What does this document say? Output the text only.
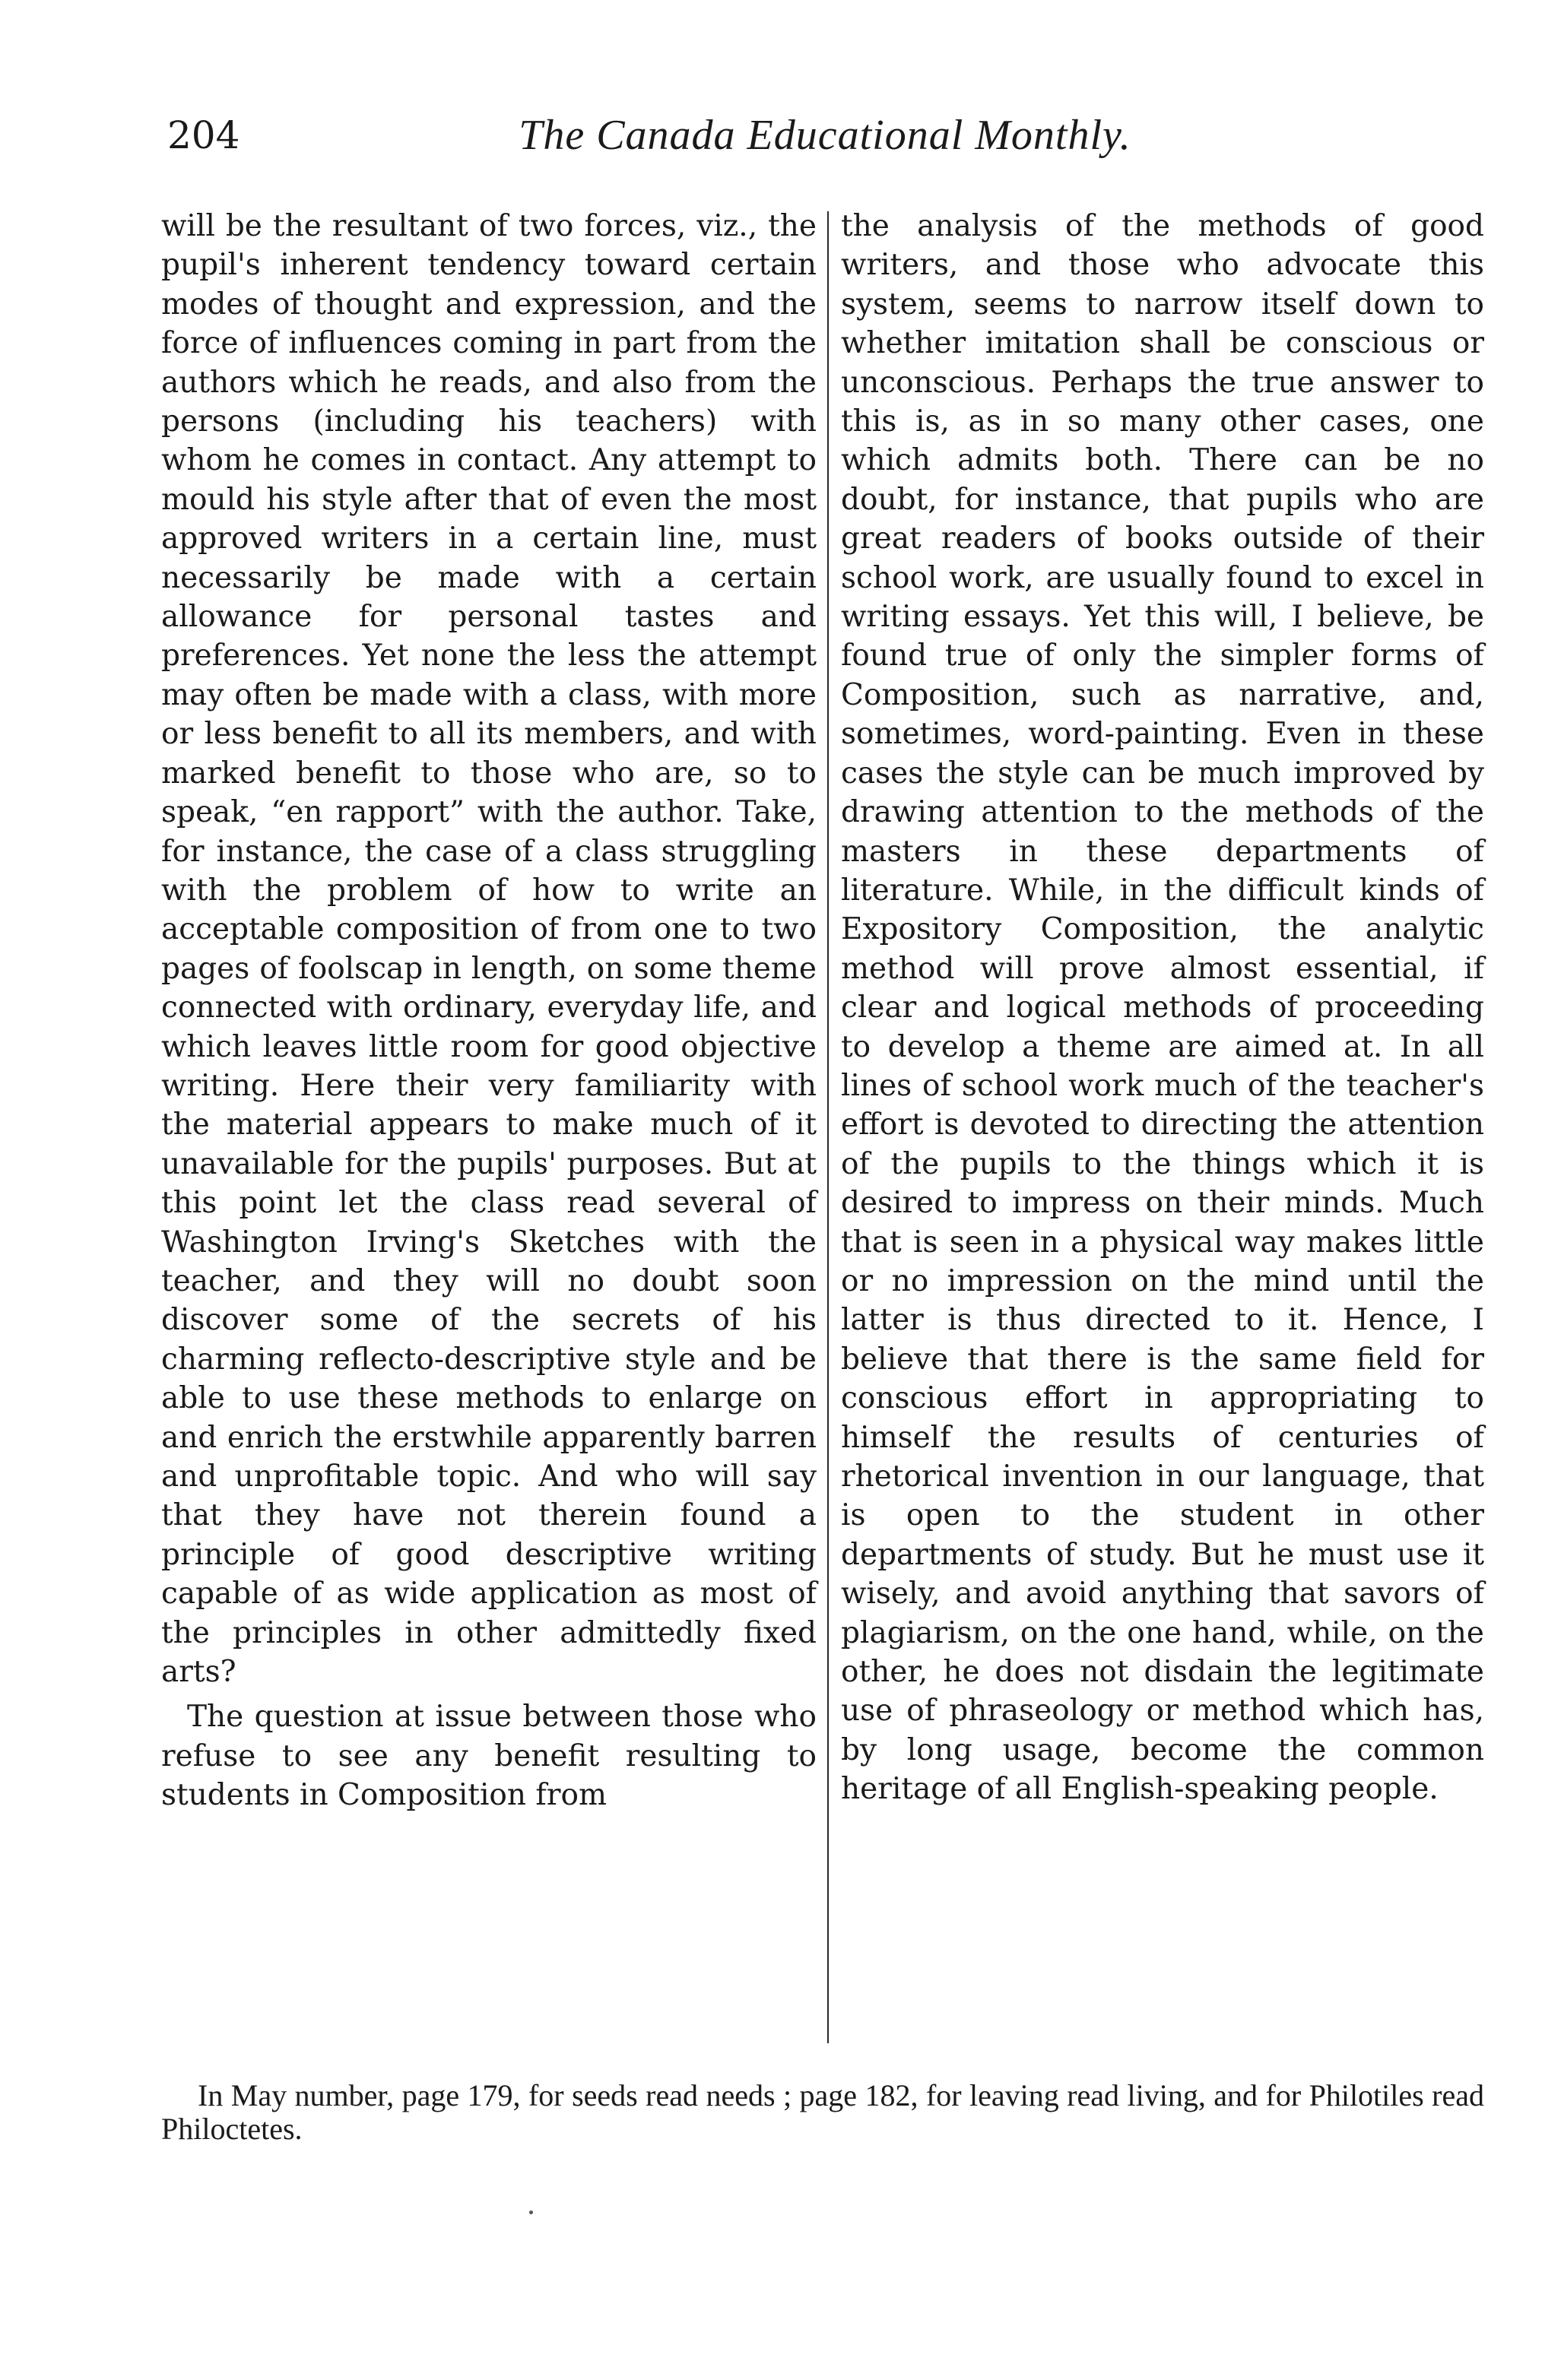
204	The Canada Educational Monthly.

will be the resultant of two forces, viz., the pupil's inherent tendency toward certain modes of thought and expression, and the force of influences coming in part from the authors which he reads, and also from the persons (including his teachers) with whom he comes in contact. Any attempt to mould his style after that of even the most approved writers in a certain line, must necessarily be made with a certain allowance for personal tastes and preferences. Yet none the less the attempt may often be made with a class, with more or less benefit to all its members, and with marked benefit to those who are, so to speak, “en rapport” with the author. Take, for instance, the case of a class struggling with the problem of how to write an acceptable composition of from one to two pages of foolscap in length, on some theme connected with ordinary, everyday life, and which leaves little room for good objective writing. Here their very familiarity with the material appears to make much of it unavailable for the pupils' purposes. But at this point let the class read several of Washington Irving's Sketches with the teacher, and they will no doubt soon discover some of the secrets of his charming reflecto-descriptive style and be able to use these methods to enlarge on and enrich the erstwhile apparently barren and unprofitable topic. And who will say that they have not therein found a principle of good descriptive writing capable of as wide application as most of the principles in other admittedly fixed arts?

The question at issue between those who refuse to see any benefit resulting to students in Composition from

the analysis of the methods of good writers, and those who advocate this system, seems to narrow itself down to whether imitation shall be conscious or unconscious. Perhaps the true answer to this is, as in so many other cases, one which admits both. There can be no doubt, for instance, that pupils who are great readers of books outside of their school work, are usually found to excel in writing essays. Yet this will, I believe, be found true of only the simpler forms of Composition, such as narrative, and, sometimes, word-painting. Even in these cases the style can be much improved by drawing attention to the methods of the masters in these departments of literature. While, in the difficult kinds of Expository Composition, the analytic method will prove almost essential, if clear and logical methods of proceeding to develop a theme are aimed at. In all lines of school work much of the teacher's effort is devoted to directing the attention of the pupils to the things which it is desired to impress on their minds. Much that is seen in a physical way makes little or no impression on the mind until the latter is thus directed to it. Hence, I believe that there is the same field for conscious effort in appropriating to himself the results of centuries of rhetorical invention in our language, that is open to the student in other departments of study. But he must use it wisely, and avoid anything that savors of plagiarism, on the one hand, while, on the other, he does not disdain the legitimate use of phraseology or method which has, by long usage, become the common heritage of all English-speaking people.

In May number, page 179, for seeds read needs ; page 182, for leaving read living, and for Philotiles read Philoctetes.
